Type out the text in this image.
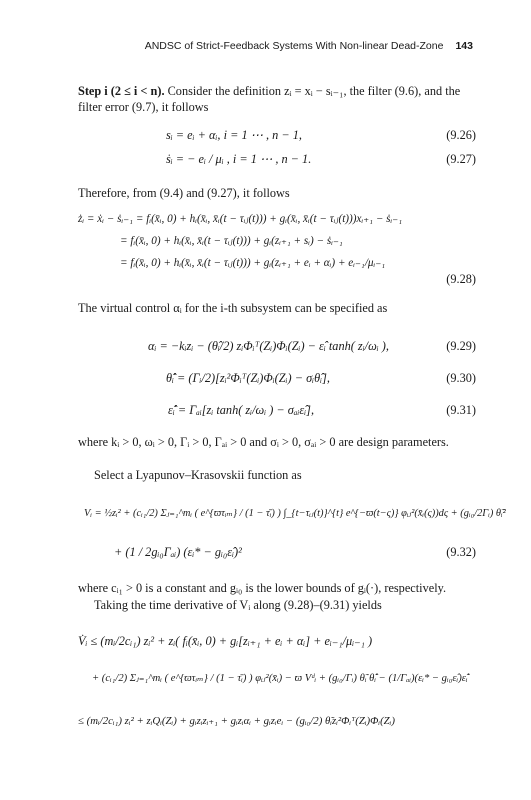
ANDSC of Strict-Feedback Systems With Non-linear Dead-Zone 143
Step i (2 ≤ i < n). Consider the definition zᵢ = xᵢ − sᵢ₋₁, the filter (9.6), and the filter error (9.7), it follows
sᵢ = eᵢ + αᵢ, i = 1 ⋯ , n − 1,	(9.26)
ṡᵢ = − eᵢ / μᵢ , i = 1 ⋯ , n − 1.	(9.27)
Therefore, from (9.4) and (9.27), it follows
żᵢ = ẋᵢ − ṡᵢ₋₁ = fᵢ(x̄ᵢ, 0) + hᵢ(x̄ᵢ, x̄ᵢ(t − τᵢⱼ(t))) + gᵢ(x̄ᵢ, x̄ᵢ(t − τᵢⱼ(t)))xᵢ₊₁ − ṡᵢ₋₁
= fᵢ(x̄ᵢ, 0) + hᵢ(x̄ᵢ, x̄ᵢ(t − τᵢⱼ(t))) + gᵢ(zᵢ₊₁ + sᵢ) − ṡᵢ₋₁
= fᵢ(x̄ᵢ, 0) + hᵢ(x̄ᵢ, x̄ᵢ(t − τᵢⱼ(t))) + gᵢ(zᵢ₊₁ + eᵢ + αᵢ) + eᵢ₋₁/μᵢ₋₁
(9.28)
The virtual control αᵢ for the i-th subsystem can be specified as
αᵢ = −kᵢzᵢ − (θ̂ᵢ/2) zᵢΦᵢᵀ(Zᵢ)Φᵢ(Zᵢ) − ε̂ᵢ tanh( zᵢ/ωᵢ ),	(9.29)
θ̂̇ᵢ = (Γᵢ/2)[zᵢ²Φᵢᵀ(Zᵢ)Φᵢ(Zᵢ) − σᵢθ̂ᵢ],	(9.30)
ε̂̇ᵢ = Γₐᵢ[zᵢ tanh( zᵢ/ωᵢ ) − σₐᵢε̂ᵢ],	(9.31)
where kᵢ > 0, ωᵢ > 0, Γᵢ > 0, Γₐᵢ > 0 and σᵢ > 0, σₐᵢ > 0 are design parameters.
Select a Lyapunov–Krasovskii function as
Vᵢ = ½zᵢ² + (cᵢ₁/2) Σⱼ₌₁^mᵢ ( e^{ϖτᵢₘ} / (1 − τ̄ᵢ) ) ∫_{t−τᵢⱼ(t)}^{t} e^{−ϖ(t−ς)} φᵢⱼ²(x̄ᵢ(ς))dς + (gᵢ₀/2Γᵢ) θ̃ᵢ²
+ (1 / 2gᵢ₀Γₐᵢ) (εᵢ* − gᵢ₀ε̂ᵢ)²	(9.32)
where cᵢ₁ > 0 is a constant and gᵢ₀ is the lower bounds of gᵢ(·), respectively.
Taking the time derivative of Vᵢ along (9.28)–(9.31) yields
V̇ᵢ ≤ (mᵢ/2cᵢ₁) zᵢ² + zᵢ( fᵢ(x̄ᵢ, 0) + gᵢ[zᵢ₊₁ + eᵢ + αᵢ] + eᵢ₋₁/μᵢ₋₁ )
+ (cᵢ₁/2) Σⱼ₌₁^mᵢ ( e^{ϖτᵢₘ} / (1 − τ̄ᵢ) ) φᵢⱼ²(x̄ᵢ) − ϖ Vᵈᵢ + (gᵢ₀/Γᵢ) θ̃ᵢ θ̂̇ᵢ − (1/Γₐᵢ)(εᵢ* − gᵢ₀ε̂ᵢ)ε̂̇ᵢ
≤ (mᵢ/2cᵢ₁) zᵢ² + zᵢQᵢ(Zᵢ) + gᵢzᵢzᵢ₊₁ + gᵢzᵢαᵢ + gᵢzᵢeᵢ − (gᵢ₀/2) θ̃ᵢzᵢ²Φᵢᵀ(Zᵢ)Φᵢ(Zᵢ)
